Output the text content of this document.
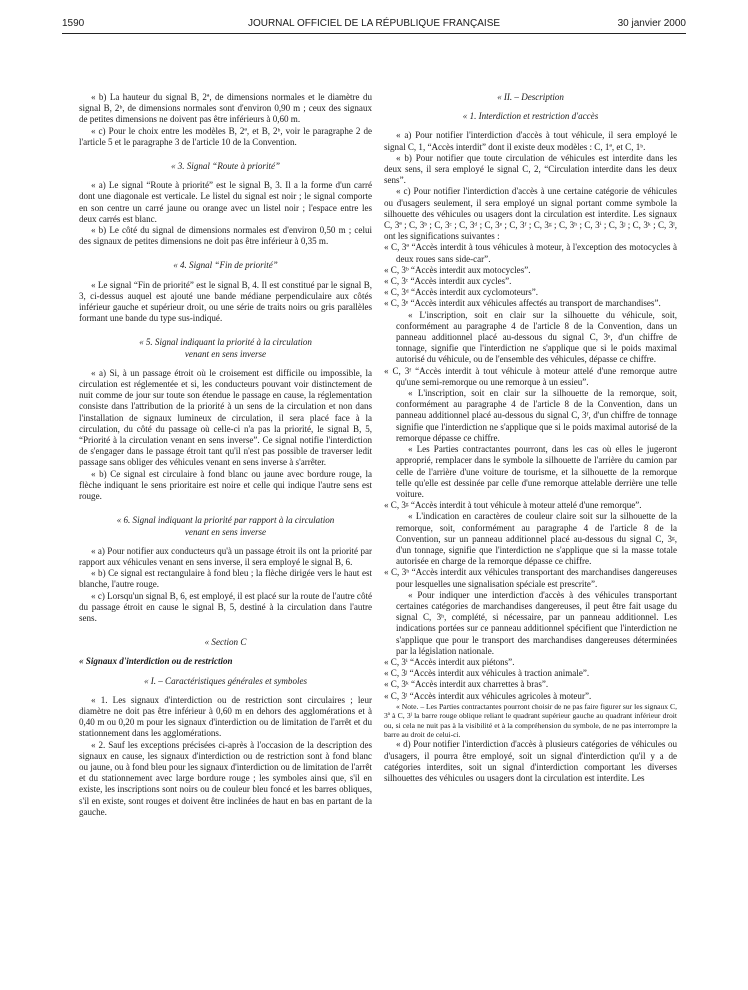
1590	JOURNAL OFFICIEL DE LA RÉPUBLIQUE FRANÇAISE	30 janvier 2000

« b) La hauteur du signal B, 2ª, de dimensions normales et le diamètre du signal B, 2ᵇ, de dimensions normales sont d'environ 0,90 m ; ceux des signaux de petites dimensions ne doivent pas être inférieurs à 0,60 m.

« c) Pour le choix entre les modèles B, 2ª, et B, 2ᵇ, voir le paragraphe 2 de l'article 5 et le paragraphe 3 de l'article 10 de la Convention.

« 3. Signal “Route à priorité”

« a) Le signal “Route à priorité” est le signal B, 3. Il a la forme d'un carré dont une diagonale est verticale. Le listel du signal est noir ; le signal comporte en son centre un carré jaune ou orange avec un listel noir ; l'espace entre les deux carrés est blanc.

« b) Le côté du signal de dimensions normales est d'environ 0,50 m ; celui des signaux de petites dimensions ne doit pas être inférieur à 0,35 m.

« 4. Signal “Fin de priorité”

« Le signal “Fin de priorité” est le signal B, 4. Il est constitué par le signal B, 3, ci-dessus auquel est ajouté une bande médiane perpendiculaire aux côtés inférieur gauche et supérieur droit, ou une série de traits noirs ou gris parallèles formant une bande du type sus-indiqué.

« 5. Signal indiquant la priorité à la circulation

venant en sens inverse

« a) Si, à un passage étroit où le croisement est difficile ou impossible, la circulation est réglementée et si, les conducteurs pouvant voir distinctement de nuit comme de jour sur toute son étendue le passage en cause, la réglementation consiste dans l'attribution de la priorité à un sens de la circulation et non dans l'installation de signaux lumineux de circulation, il sera placé face à la circulation, du côté du passage où celle-ci n'a pas la priorité, le signal B, 5, “Priorité à la circulation venant en sens inverse”. Ce signal notifie l'interdiction de s'engager dans le passage étroit tant qu'il n'est pas possible de traverser ledit passage sans obliger des véhicules venant en sens inverse à s'arrêter.

« b) Ce signal est circulaire à fond blanc ou jaune avec bordure rouge, la flèche indiquant le sens prioritaire est noire et celle qui indique l'autre sens est rouge.

« 6. Signal indiquant la priorité par rapport à la circulation

venant en sens inverse

« a) Pour notifier aux conducteurs qu'à un passage étroit ils ont la priorité par rapport aux véhicules venant en sens inverse, il sera employé le signal B, 6.

« b) Ce signal est rectangulaire à fond bleu ; la flèche dirigée vers le haut est blanche, l'autre rouge.

« c) Lorsqu'un signal B, 6, est employé, il est placé sur la route de l'autre côté du passage étroit en cause le signal B, 5, destiné à la circulation dans l'autre sens.

« Section C

« Signaux d'interdiction ou de restriction

« I. – Caractéristiques générales et symboles

« 1. Les signaux d'interdiction ou de restriction sont circulaires ; leur diamètre ne doit pas être inférieur à 0,60 m en dehors des agglomérations et à 0,40 m ou 0,20 m pour les signaux d'interdiction ou de limitation de l'arrêt et du stationnement dans les agglomérations.

« 2. Sauf les exceptions précisées ci-après à l'occasion de la description des signaux en cause, les signaux d'interdiction ou de restriction sont à fond blanc ou jaune, ou à fond bleu pour les signaux d'interdiction ou de limitation de l'arrêt et du stationnement avec large bordure rouge ; les symboles ainsi que, s'il en existe, les inscriptions sont noirs ou de couleur bleu foncé et les barres obliques, s'il en existe, sont rouges et doivent être inclinées de haut en bas en partant de la gauche.

« II. – Description

« 1. Interdiction et restriction d'accès

« a) Pour notifier l'interdiction d'accès à tout véhicule, il sera employé le signal C, 1, “Accès interdit” dont il existe deux modèles : C, 1ª, et C, 1ᵇ.

« b) Pour notifier que toute circulation de véhicules est interdite dans les deux sens, il sera employé le signal C, 2, “Circulation interdite dans les deux sens”.

« c) Pour notifier l'interdiction d'accès à une certaine catégorie de véhicules ou d'usagers seulement, il sera employé un signal portant comme symbole la silhouette des véhicules ou usagers dont la circulation est interdite. Les signaux C, 3ª ; C, 3ᵇ ; C, 3ᶜ ; C, 3ᵈ ; C, 3ᵉ ; C, 3ᶠ ; C, 3ᵍ ; C, 3ʰ ; C, 3ⁱ ; C, 3ʲ ; C, 3ᵏ ; C, 3ˡ, ont les significations suivantes :

« C, 3ª “Accès interdit à tous véhicules à moteur, à l'exception des motocycles à deux roues sans side-car”.

« C, 3ᵇ “Accès interdit aux motocycles”.

« C, 3ᶜ “Accès interdit aux cycles”.

« C, 3ᵈ “Accès interdit aux cyclomoteurs”.

« C, 3ᵉ “Accès interdit aux véhicules affectés au transport de marchandises”.

« L'inscription, soit en clair sur la silhouette du véhicule, soit, conformément au paragraphe 4 de l'article 8 de la Convention, dans un panneau additionnel placé au-dessous du signal C, 3ᵉ, d'un chiffre de tonnage, signifie que l'interdiction ne s'applique que si le poids maximal autorisé du véhicule, ou de l'ensemble des véhicules, dépasse ce chiffre.

« C, 3ᶠ “Accès interdit à tout véhicule à moteur attelé d'une remorque autre qu'une semi-remorque ou une remorque à un essieu”.

« L'inscription, soit en clair sur la silhouette de la remorque, soit, conformément au paragraphe 4 de l'article 8 de la Convention, dans un panneau additionnel placé au-dessous du signal C, 3ᶠ, d'un chiffre de tonnage signifie que l'interdiction ne s'applique que si le poids maximal autorisé de la remorque dépasse ce chiffre.

« Les Parties contractantes pourront, dans les cas où elles le jugeront approprié, remplacer dans le symbole la silhouette de l'arrière du camion par celle de l'arrière d'une voiture de tourisme, et la silhouette de la remorque telle qu'elle est dessinée par celle d'une remorque attelable derrière une telle voiture.

« C, 3ᵍ “Accès interdit à tout véhicule à moteur attelé d'une remorque”.

« L'indication en caractères de couleur claire soit sur la silhouette de la remorque, soit, conformément au paragraphe 4 de l'article 8 de la Convention, sur un panneau additionnel placé au-dessous du signal C, 3ᵍ, d'un tonnage, signifie que l'interdiction ne s'applique que si la masse totale autorisée en charge de la remorque dépasse ce chiffre.

« C, 3ʰ “Accès interdit aux véhicules transportant des marchandises dangereuses pour lesquelles une signalisation spéciale est prescrite”.

« Pour indiquer une interdiction d'accès à des véhicules transportant certaines catégories de marchandises dangereuses, il peut être fait usage du signal C, 3ʰ, complété, si nécessaire, par un panneau additionnel. Les indications portées sur ce panneau additionnel spécifient que l'interdiction ne s'applique que pour le transport des marchandises dangereuses déterminées par la législation nationale.

« C, 3ⁱ “Accès interdit aux piétons”.

« C, 3ʲ “Accès interdit aux véhicules à traction animale”.

« C, 3ᵏ “Accès interdit aux charrettes à bras”.

« C, 3ˡ “Accès interdit aux véhicules agricoles à moteur”.

« Note. – Les Parties contractantes pourront choisir de ne pas faire figurer sur les signaux C, 3ª à C, 3ˡ la barre rouge oblique reliant le quadrant supérieur gauche au quadrant inférieur droit ou, si cela ne nuit pas à la visibilité et à la compréhension du symbole, de ne pas interrompre la barre au droit de celui-ci.

« d) Pour notifier l'interdiction d'accès à plusieurs catégories de véhicules ou d'usagers, il pourra être employé, soit un signal d'interdiction qu'il y a de catégories interdites, soit un signal d'interdiction comportant les diverses silhouettes des véhicules ou usagers dont la circulation est interdite. Les
